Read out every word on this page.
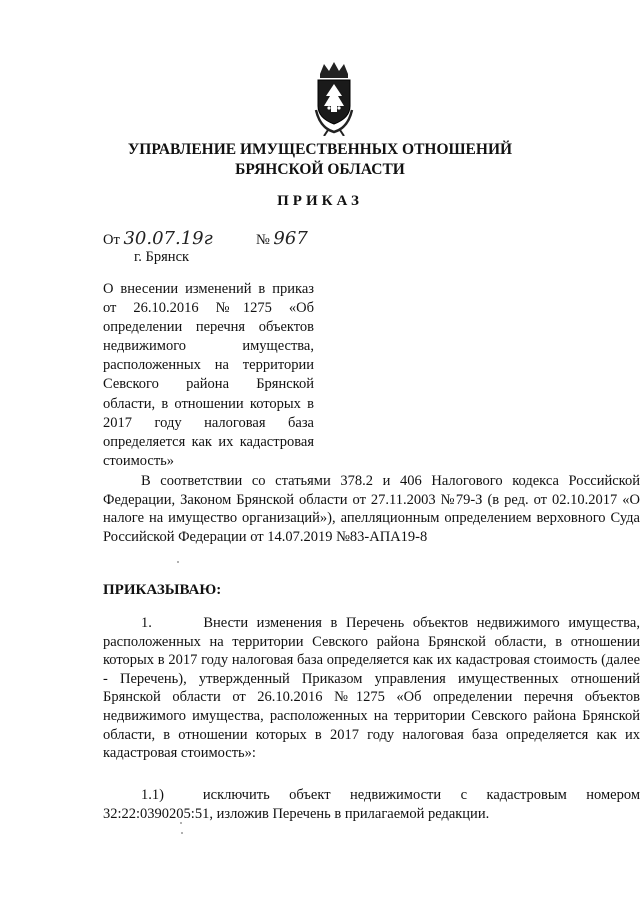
УПРАВЛЕНИЕ ИМУЩЕСТВЕННЫХ ОТНОШЕНИЙ
БРЯНСКОЙ ОБЛАСТИ
ПРИКАЗ
От 30.07.19г	№ 967
г. Брянск
О внесении изменений в приказ от 26.10.2016 №1275 «Об определении перечня объектов недвижимого имущества, расположенных на территории Севского района Брянской области, в отношении которых в 2017 году налоговая база определяется как их кадастровая стоимость»
В соответствии со статьями 378.2 и 406 Налогового кодекса Российской Федерации, Законом Брянской области от 27.11.2003 №79-З (в ред. от 02.10.2017 «О налоге на имущество организаций»), апелляционным определением верховного Суда Российской Федерации от 14.07.2019 №83-АПА19-8
ПРИКАЗЫВАЮ:
1.	Внести изменения в Перечень объектов недвижимого имущества, расположенных на территории Севского района Брянской области, в отношении которых в 2017 году налоговая база определяется как их кадастровая стоимость (далее - Перечень), утвержденный Приказом управления имущественных отношений Брянской области от 26.10.2016 №1275 «Об определении перечня объектов недвижимого имущества, расположенных на территории Севского района Брянской области, в отношении которых в 2017 году налоговая база определяется как их кадастровая стоимость»:
1.1)	исключить объект недвижимости с кадастровым номером 32:22:0390205:51, изложив Перечень в прилагаемой редакции.
